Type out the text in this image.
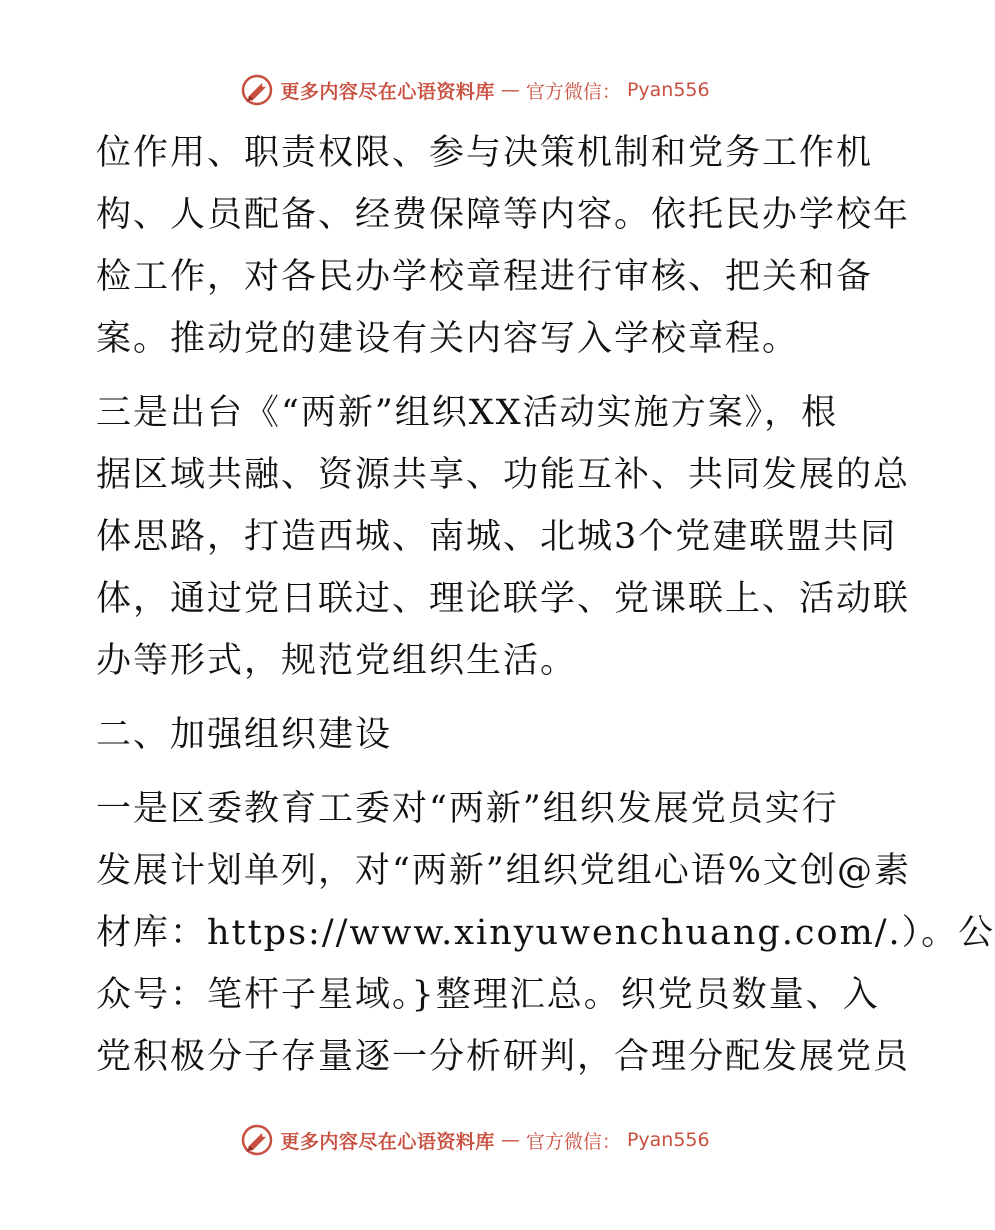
更多内容尽在心语资料库 — 官方微信： Pyan556
位作用、职责权限、参与决策机制和党务工作机
构、人员配备、经费保障等内容。依托民办学校年
检工作，对各民办学校章程进行审核、把关和备
案。推动党的建设有关内容写入学校章程。
三是出台《“两新”组织XX活动实施方案》，根
据区域共融、资源共享、功能互补、共同发展的总
体思路，打造西城、南城、北城3个党建联盟共同
体，通过党日联过、理论联学、党课联上、活动联
办等形式，规范党组织生活。
二、加强组织建设
一是区委教育工委对“两新”组织发展党员实行
发展计划单列，对“两新”组织党组心语%文创@素
材库：https://www.xinyuwenchuang.com/.）。公
众号：笔杆子星域。}整理汇总。织党员数量、入
党积极分子存量逐一分析研判，合理分配发展党员
更多内容尽在心语资料库 — 官方微信： Pyan556
